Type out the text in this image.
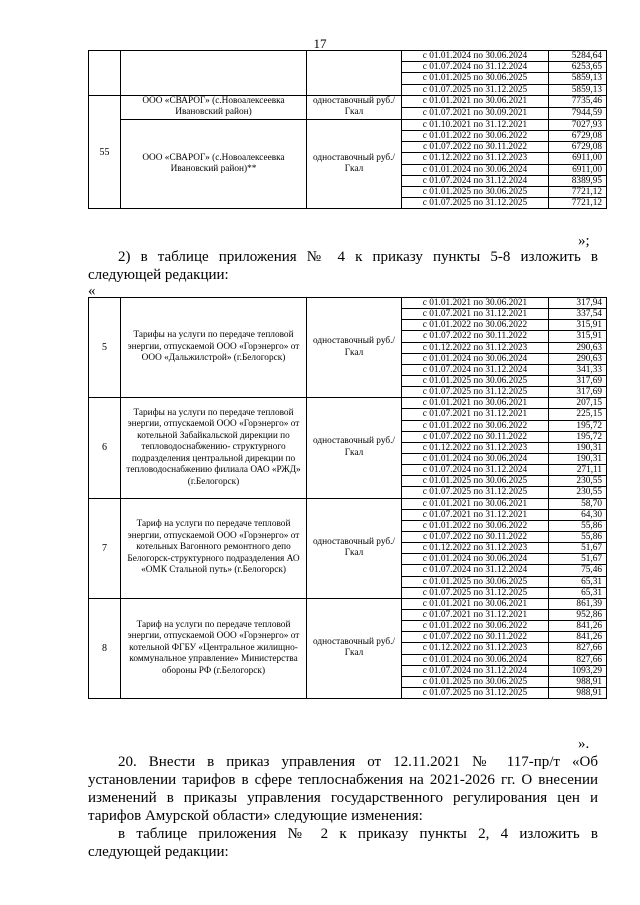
17
			с 01.01.2024 по 30.06.2024	5284,64
			с 01.07.2024 по 31.12.2024	6253,65
			с 01.01.2025 по 30.06.2025	5859,13
			с 01.07.2025 по 31.12.2025	5859,13
55	ООО «СВАРОГ» (с.Новоалексеевка Ивановский район)	одноставочный руб./Гкал	с 01.01.2021 по 30.06.2021	7735,46
			с 01.07.2021 по 30.09.2021	7944,59
	ООО «СВАРОГ» (с.Новоалексеевка Ивановский район)**	одноставочный руб./Гкал	с 01.10.2021 по 31.12.2021	7027,93
			с 01.01.2022 по 30.06.2022	6729,08
			с 01.07.2022 по 30.11.2022	6729,08
			с 01.12.2022 по 31.12.2023	6911,00
			с 01.01.2024 по 30.06.2024	6911,00
			с 01.07.2024 по 31.12.2024	8389,95
			с 01.01.2025 по 30.06.2025	7721,12
			с 01.07.2025 по 31.12.2025	7721,12
»;

2) в таблице приложения № 4 к приказу пункты 5-8 изложить в

следующей редакции:

«
5	Тарифы на услуги по передаче тепловой энергии, отпускаемой ООО «Горэнерго» от ООО «Дальжилстрой» (г.Белогорск)	одноставочный руб./Гкал	с 01.01.2021 по 30.06.2021	317,94
			с 01.07.2021 по 31.12.2021	337,54
			с 01.01.2022 по 30.06.2022	315,91
			с 01.07.2022 по 30.11.2022	315,91
			с 01.12.2022 по 31.12.2023	290,63
			с 01.01.2024 по 30.06.2024	290,63
			с 01.07.2024 по 31.12.2024	341,33
			с 01.01.2025 по 30.06.2025	317,69
			с 01.07.2025 по 31.12.2025	317,69
6	Тарифы на услуги по передаче тепловой энергии, отпускаемой ООО «Горэнерго» от котельной Забайкальской дирекции по тепловодоснабжению- структурного подразделения центральной дирекции по тепловодоснабжению филиала ОАО «РЖД» (г.Белогорск)	одноставочный руб./Гкал	с 01.01.2021 по 30.06.2021	207,15
			с 01.07.2021 по 31.12.2021	225,15
			с 01.01.2022 по 30.06.2022	195,72
			с 01.07.2022 по 30.11.2022	195,72
			с 01.12.2022 по 31.12.2023	190,31
			с 01.01.2024 по 30.06.2024	190,31
			с 01.07.2024 по 31.12.2024	271,11
			с 01.01.2025 по 30.06.2025	230,55
			с 01.07.2025 по 31.12.2025	230,55
7	Тариф на услуги по передаче тепловой энергии, отпускаемой ООО «Горэнерго» от котельных Вагонного ремонтного депо Белогорск-структурного подразделения АО «ОМК Стальной путь» (г.Белогорск)	одноставочный руб./Гкал	с 01.01.2021 по 30.06.2021	58,70
			с 01.07.2021 по 31.12.2021	64,30
			с 01.01.2022 по 30.06.2022	55,86
			с 01.07.2022 по 30.11.2022	55,86
			с 01.12.2022 по 31.12.2023	51,67
			с 01.01.2024 по 30.06.2024	51,67
			с 01.07.2024 по 31.12.2024	75,46
			с 01.01.2025 по 30.06.2025	65,31
			с 01.07.2025 по 31.12.2025	65,31
8	Тариф на услуги по передаче тепловой энергии, отпускаемой ООО «Горэнерго» от котельной ФГБУ «Центральное жилищно-коммунальное управление» Министерства обороны РФ (г.Белогорск)	одноставочный руб./Гкал	с 01.01.2021 по 30.06.2021	861,39
			с 01.07.2021 по 31.12.2021	952,86
			с 01.01.2022 по 30.06.2022	841,26
			с 01.07.2022 по 30.11.2022	841,26
			с 01.12.2022 по 31.12.2023	827,66
			с 01.01.2024 по 30.06.2024	827,66
			с 01.07.2024 по 31.12.2024	1093,29
			с 01.01.2025 по 30.06.2025	988,91
			с 01.07.2025 по 31.12.2025	988,91
».

20. Внести в приказ управления от 12.11.2021 № 117-пр/т «Об

установлении тарифов в сфере теплоснабжения на 2021-2026 гг. О внесении

изменений в приказы управления государственного регулирования цен и

тарифов Амурской области» следующие изменения:

в таблице приложения № 2 к приказу пункты 2, 4 изложить в

следующей редакции:
